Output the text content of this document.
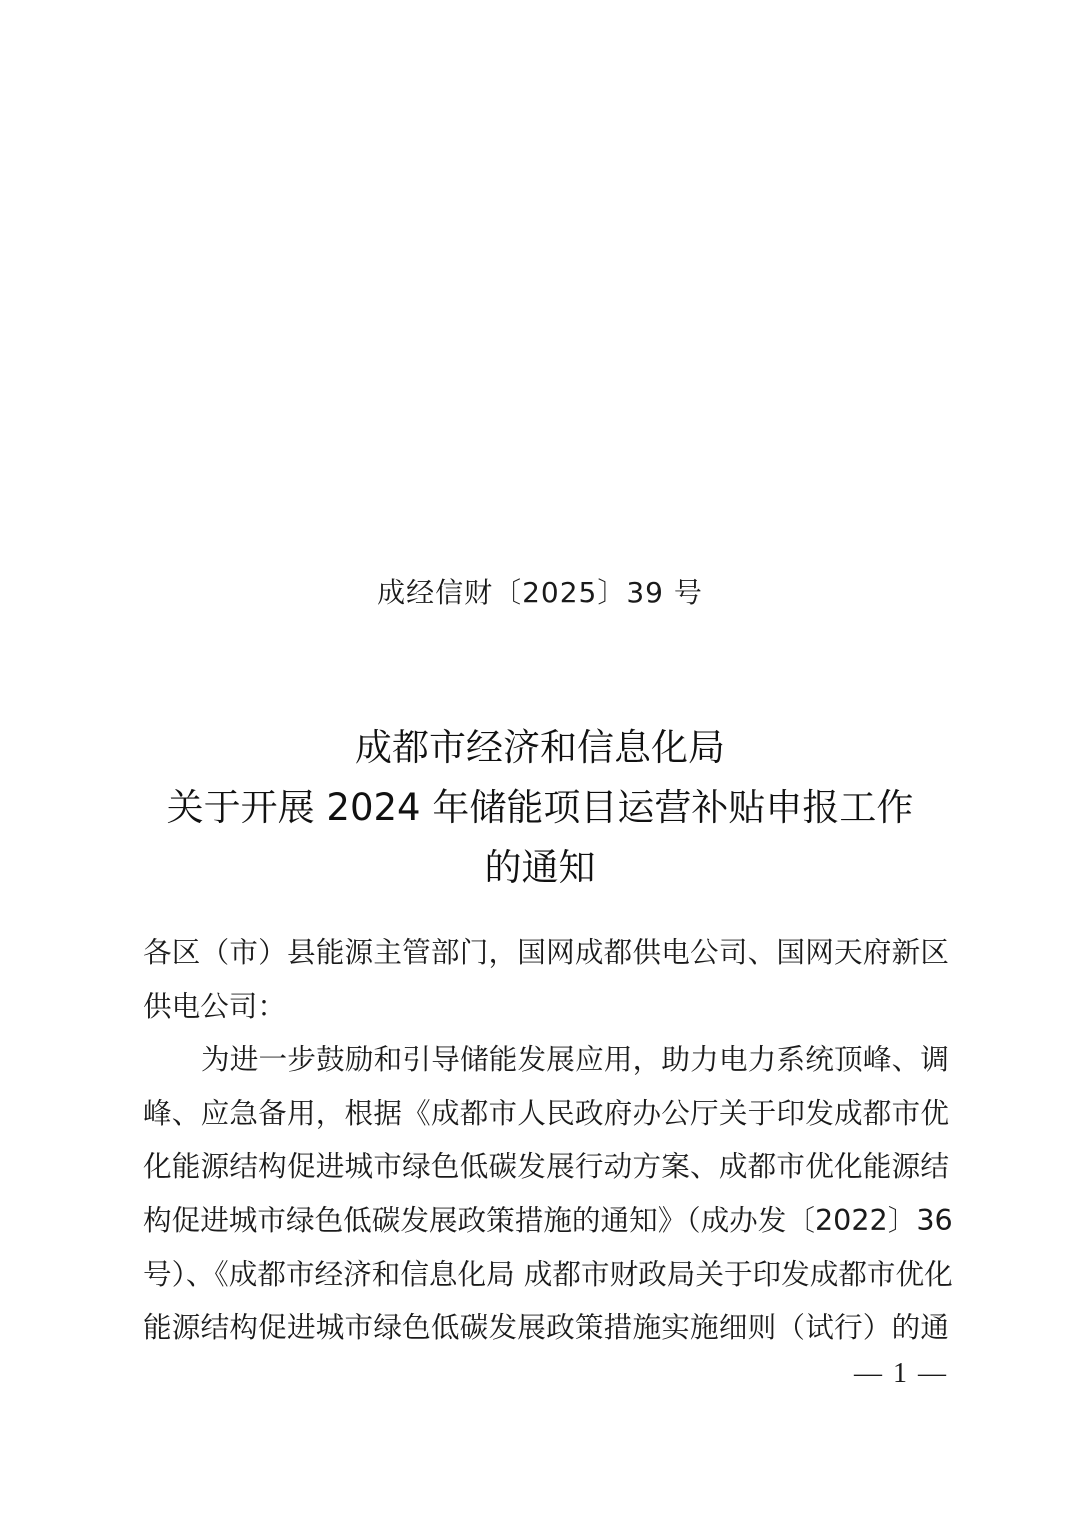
成经信财〔2025〕39 号
成都市经济和信息化局
关于开展 2024 年储能项目运营补贴申报工作
的通知
各区（市）县能源主管部门，国网成都供电公司、国网天府新区
供电公司：
为进一步鼓励和引导储能发展应用，助力电力系统顶峰、调
峰、应急备用，根据《成都市人民政府办公厅关于印发成都市优
化能源结构促进城市绿色低碳发展行动方案、成都市优化能源结
构促进城市绿色低碳发展政策措施的通知》（成办发〔2022〕36
号）、《成都市经济和信息化局 成都市财政局关于印发成都市优化
能源结构促进城市绿色低碳发展政策措施实施细则（试行）的通
— 1 —
